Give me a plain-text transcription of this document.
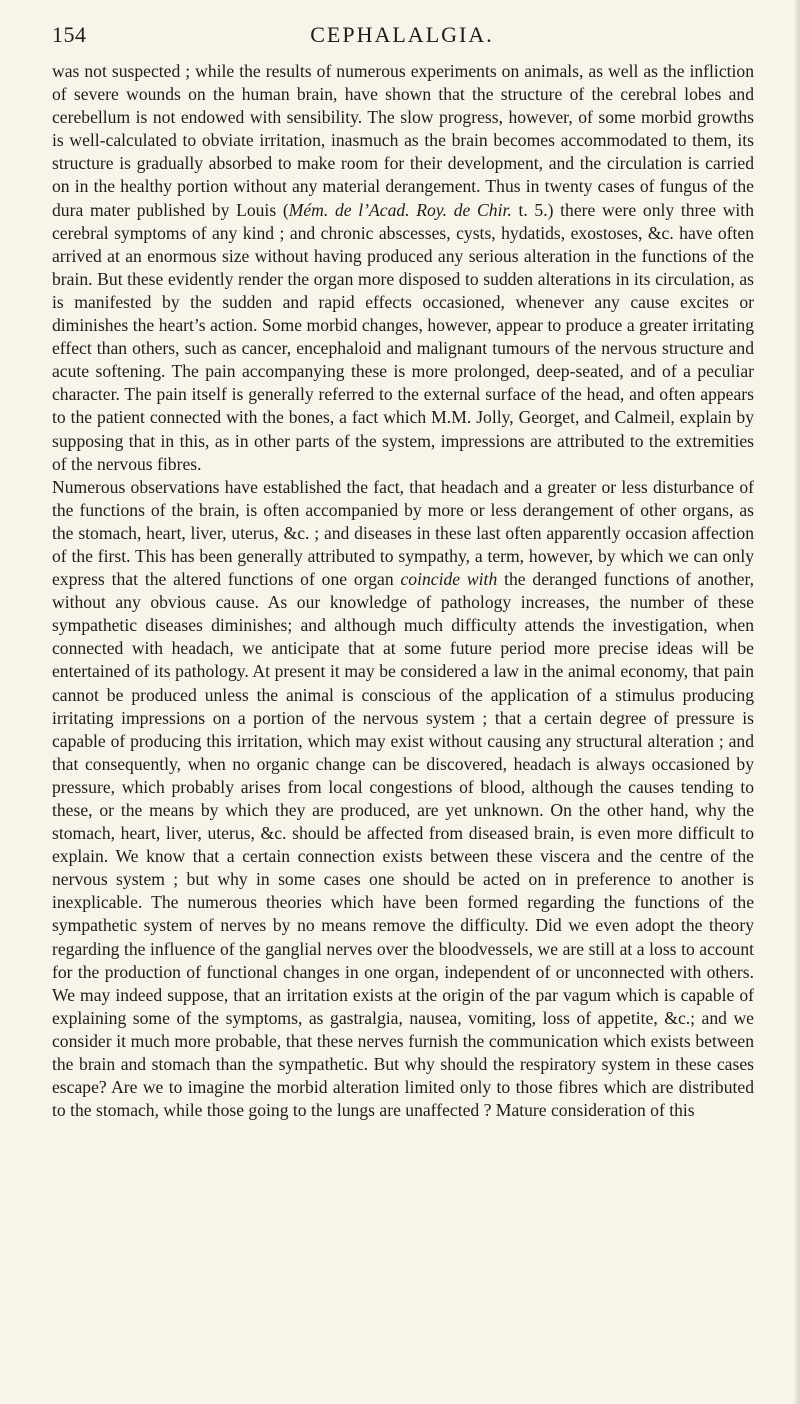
154	CEPHALALGIA.

was not suspected ; while the results of numerous experiments on animals, as well as the infliction of severe wounds on the human brain, have shown that the structure of the cerebral lobes and cerebellum is not endowed with sensibility. The slow progress, however, of some morbid growths is well-calculated to obviate irritation, inasmuch as the brain becomes accommodated to them, its structure is gradually absorbed to make room for their development, and the circulation is carried on in the healthy portion without any material derangement. Thus in twenty cases of fungus of the dura mater published by Louis (Mém. de l’Acad. Roy. de Chir. t. 5.) there were only three with cerebral symptoms of any kind ; and chronic abscesses, cysts, hydatids, exostoses, &c. have often arrived at an enormous size without having produced any serious alteration in the functions of the brain. But these evidently render the organ more disposed to sudden alterations in its circulation, as is manifested by the sudden and rapid effects occasioned, whenever any cause excites or diminishes the heart’s action. Some morbid changes, however, appear to produce a greater irritating effect than others, such as cancer, encephaloid and malignant tumours of the nervous structure and acute softening. The pain accompanying these is more prolonged, deep-seated, and of a peculiar character. The pain itself is generally referred to the external surface of the head, and often appears to the patient connected with the bones, a fact which M.M. Jolly, Georget, and Calmeil, explain by supposing that in this, as in other parts of the system, impressions are attributed to the extremities of the nervous fibres.

Numerous observations have established the fact, that headach and a greater or less disturbance of the functions of the brain, is often accompanied by more or less derangement of other organs, as the stomach, heart, liver, uterus, &c. ; and diseases in these last often apparently occasion affection of the first. This has been generally attributed to sympathy, a term, however, by which we can only express that the altered functions of one organ coincide with the deranged functions of another, without any obvious cause. As our knowledge of pathology increases, the number of these sympathetic diseases diminishes; and although much difficulty attends the investigation, when connected with headach, we anticipate that at some future period more precise ideas will be entertained of its pathology. At present it may be considered a law in the animal economy, that pain cannot be produced unless the animal is conscious of the application of a stimulus producing irritating impressions on a portion of the nervous system ; that a certain degree of pressure is capable of producing this irritation, which may exist without causing any structural alteration ; and that consequently, when no organic change can be discovered, headach is always occasioned by pressure, which probably arises from local congestions of blood, although the causes tending to these, or the means by which they are produced, are yet unknown. On the other hand, why the stomach, heart, liver, uterus, &c. should be affected from diseased brain, is even more difficult to explain. We know that a certain connection exists between these viscera and the centre of the nervous system ; but why in some cases one should be acted on in preference to another is inexplicable. The numerous theories which have been formed regarding the functions of the sympathetic system of nerves by no means remove the difficulty. Did we even adopt the theory regarding the influence of the ganglial nerves over the bloodvessels, we are still at a loss to account for the production of functional changes in one organ, independent of or unconnected with others. We may indeed suppose, that an irritation exists at the origin of the par vagum which is capable of explaining some of the symptoms, as gastralgia, nausea, vomiting, loss of appetite, &c.; and we consider it much more probable, that these nerves furnish the communication which exists between the brain and stomach than the sympathetic. But why should the respiratory system in these cases escape? Are we to imagine the morbid alteration limited only to those fibres which are distributed to the stomach, while those going to the lungs are unaffected ? Mature consideration of this
